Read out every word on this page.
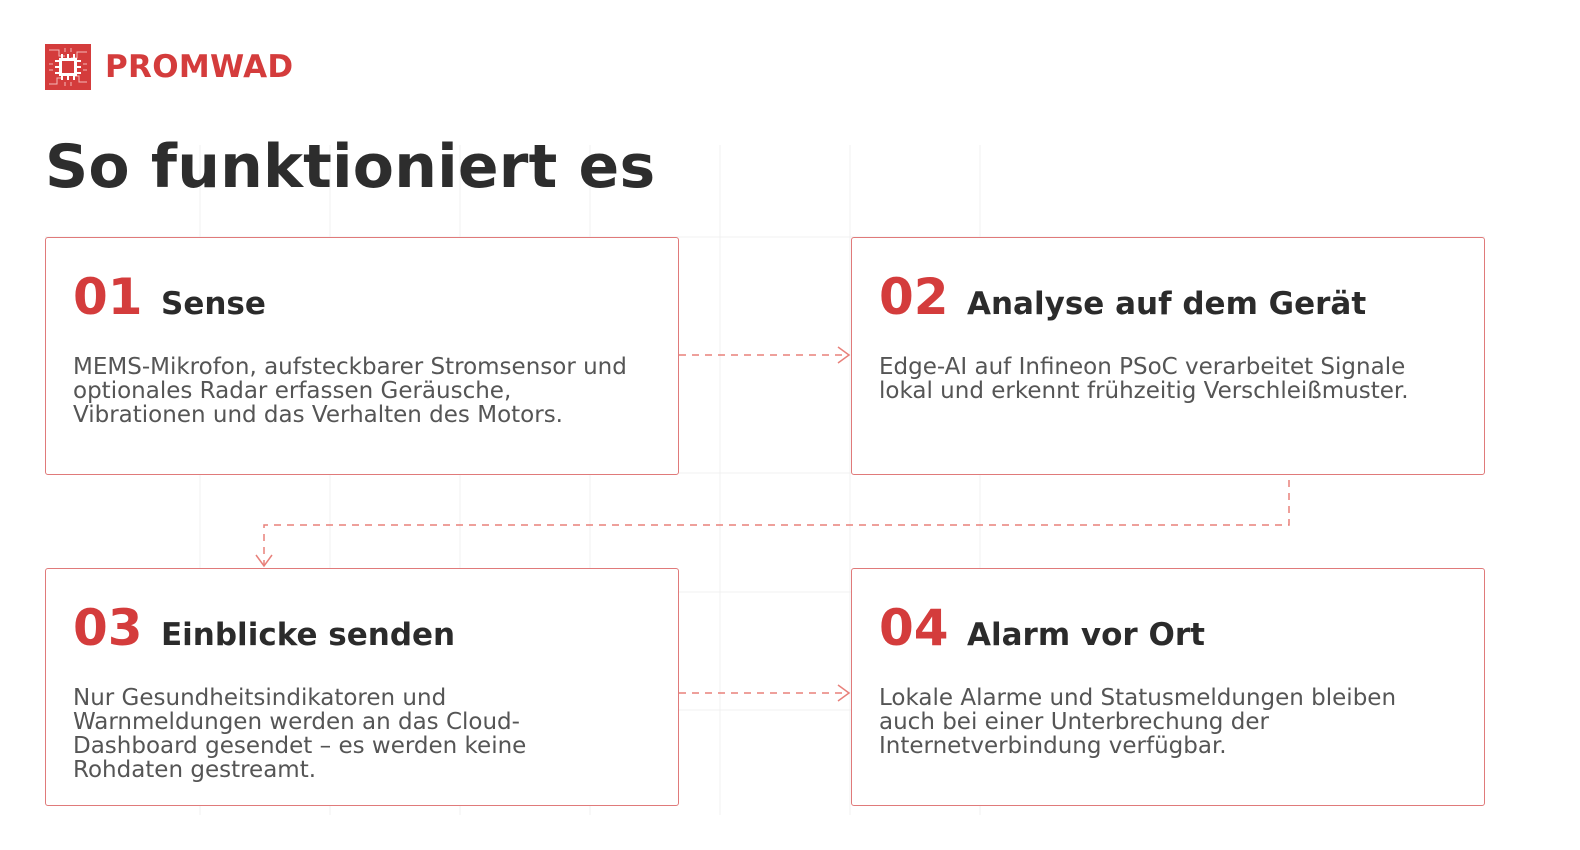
PROMWAD
So funktioniert es
01 Sense

MEMS-Mikrofon, aufsteckbarer Stromsensor und optionales Radar erfassen Geräusche, Vibrationen und das Verhalten des Motors.

02 Analyse auf dem Gerät

Edge-AI auf Infineon PSoC verarbeitet Signale lokal und erkennt frühzeitig Verschleißmuster.

03 Einblicke senden

Nur Gesundheitsindikatoren und Warnmeldungen werden an das Cloud-Dashboard gesendet – es werden keine Rohdaten gestreamt.

04 Alarm vor Ort

Lokale Alarme und Statusmeldungen bleiben auch bei einer Unterbrechung der Internetverbindung verfügbar.
